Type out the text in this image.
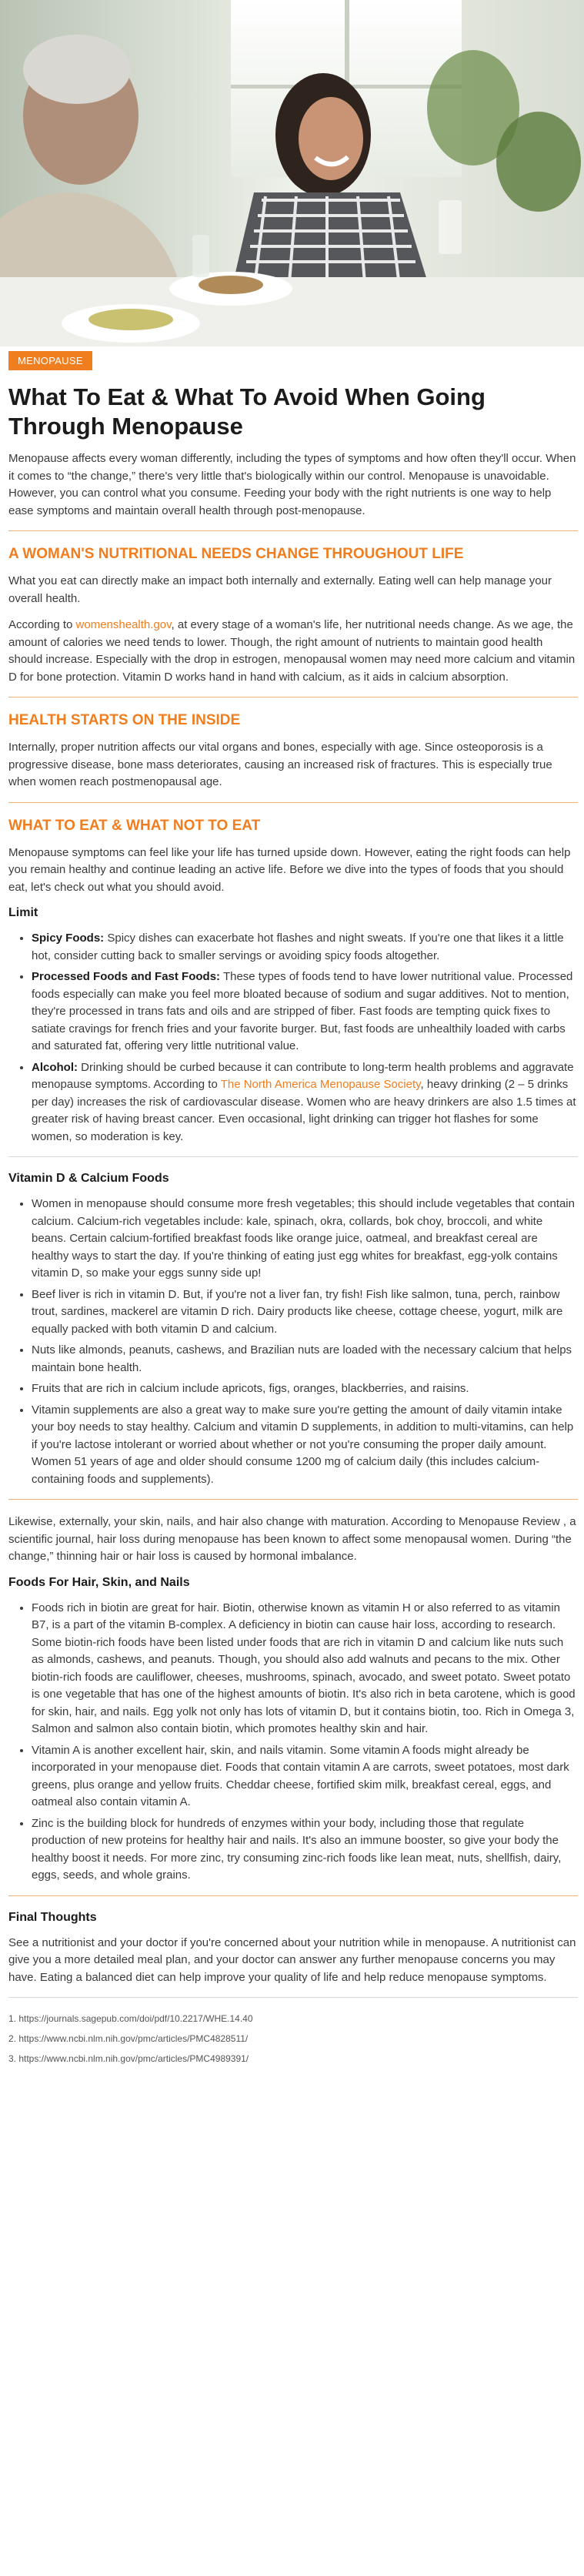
MENOPAUSE
What To Eat & What To Avoid When Going Through Menopause

Menopause affects every woman differently, including the types of symptoms and how often they'll occur. When it comes to “the change,” there's very little that's biologically within our control. Menopause is unavoidable. However, you can control what you consume. Feeding your body with the right nutrients is one way to help ease symptoms and maintain overall health through post-menopause.

A WOMAN'S NUTRITIONAL NEEDS CHANGE THROUGHOUT LIFE

What you eat can directly make an impact both internally and externally. Eating well can help manage your overall health.

According to womenshealth.gov, at every stage of a woman's life, her nutritional needs change. As we age, the amount of calories we need tends to lower. Though, the right amount of nutrients to maintain good health should increase. Especially with the drop in estrogen, menopausal women may need more calcium and vitamin D for bone protection. Vitamin D works hand in hand with calcium, as it aids in calcium absorption.

HEALTH STARTS ON THE INSIDE

Internally, proper nutrition affects our vital organs and bones, especially with age. Since osteoporosis is a progressive disease, bone mass deteriorates, causing an increased risk of fractures. This is especially true when women reach postmenopausal age.

WHAT TO EAT & WHAT NOT TO EAT

Menopause symptoms can feel like your life has turned upside down. However, eating the right foods can help you remain healthy and continue leading an active life. Before we dive into the types of foods that you should eat, let's check out what you should avoid.

Limit
• Spicy Foods: Spicy dishes can exacerbate hot flashes and night sweats. If you're one that likes it a little hot, consider cutting back to smaller servings or avoiding spicy foods altogether.
• Processed Foods and Fast Foods: These types of foods tend to have lower nutritional value. Processed foods especially can make you feel more bloated because of sodium and sugar additives. Not to mention, they're processed in trans fats and oils and are stripped of fiber. Fast foods are tempting quick fixes to satiate cravings for french fries and your favorite burger. But, fast foods are unhealthily loaded with carbs and saturated fat, offering very little nutritional value.
• Alcohol: Drinking should be curbed because it can contribute to long-term health problems and aggravate menopause symptoms. According to The North America Menopause Society, heavy drinking (2 – 5 drinks per day) increases the risk of cardiovascular disease. Women who are heavy drinkers are also 1.5 times at greater risk of having breast cancer. Even occasional, light drinking can trigger hot flashes for some women, so moderation is key.
Vitamin D & Calcium Foods
• Women in menopause should consume more fresh vegetables; this should include vegetables that contain calcium. Calcium-rich vegetables include: kale, spinach, okra, collards, bok choy, broccoli, and white beans. Certain calcium-fortified breakfast foods like orange juice, oatmeal, and breakfast cereal are healthy ways to start the day. If you're thinking of eating just egg whites for breakfast, egg-yolk contains vitamin D, so make your eggs sunny side up!
• Beef liver is rich in vitamin D. But, if you're not a liver fan, try fish! Fish like salmon, tuna, perch, rainbow trout, sardines, mackerel are vitamin D rich. Dairy products like cheese, cottage cheese, yogurt, milk are equally packed with both vitamin D and calcium.
• Nuts like almonds, peanuts, cashews, and Brazilian nuts are loaded with the necessary calcium that helps maintain bone health.
• Fruits that are rich in calcium include apricots, figs, oranges, blackberries, and raisins.
• Vitamin supplements are also a great way to make sure you're getting the amount of daily vitamin intake your boy needs to stay healthy. Calcium and vitamin D supplements, in addition to multi-vitamins, can help if you're lactose intolerant or worried about whether or not you're consuming the proper daily amount. Women 51 years of age and older should consume 1200 mg of calcium daily (this includes calcium-containing foods and supplements).

Likewise, externally, your skin, nails, and hair also change with maturation. According to Menopause Review , a scientific journal, hair loss during menopause has been known to affect some menopausal women. During “the change,” thinning hair or hair loss is caused by hormonal imbalance.

Foods For Hair, Skin, and Nails
• Foods rich in biotin are great for hair. Biotin, otherwise known as vitamin H or also referred to as vitamin B7, is a part of the vitamin B-complex. A deficiency in biotin can cause hair loss, according to research. Some biotin-rich foods have been listed under foods that are rich in vitamin D and calcium like nuts such as almonds, cashews, and peanuts. Though, you should also add walnuts and pecans to the mix. Other biotin-rich foods are cauliflower, cheeses, mushrooms, spinach, avocado, and sweet potato. Sweet potato is one vegetable that has one of the highest amounts of biotin. It's also rich in beta carotene, which is good for skin, hair, and nails. Egg yolk not only has lots of vitamin D, but it contains biotin, too. Rich in Omega 3, Salmon and salmon also contain biotin, which promotes healthy skin and hair.
• Vitamin A is another excellent hair, skin, and nails vitamin. Some vitamin A foods might already be incorporated in your menopause diet. Foods that contain vitamin A are carrots, sweet potatoes, most dark greens, plus orange and yellow fruits. Cheddar cheese, fortified skim milk, breakfast cereal, eggs, and oatmeal also contain vitamin A.
• Zinc is the building block for hundreds of enzymes within your body, including those that regulate production of new proteins for healthy hair and nails. It's also an immune booster, so give your body the healthy boost it needs. For more zinc, try consuming zinc-rich foods like lean meat, nuts, shellfish, dairy, eggs, seeds, and whole grains.
Final Thoughts

See a nutritionist and your doctor if you're concerned about your nutrition while in menopause. A nutritionist can give you a more detailed meal plan, and your doctor can answer any further menopause concerns you may have. Eating a balanced diet can help improve your quality of life and help reduce menopause symptoms.

1. https://journals.sagepub.com/doi/pdf/10.2217/WHE.14.40
2. https://www.ncbi.nlm.nih.gov/pmc/articles/PMC4828511/
3. https://www.ncbi.nlm.nih.gov/pmc/articles/PMC4989391/
